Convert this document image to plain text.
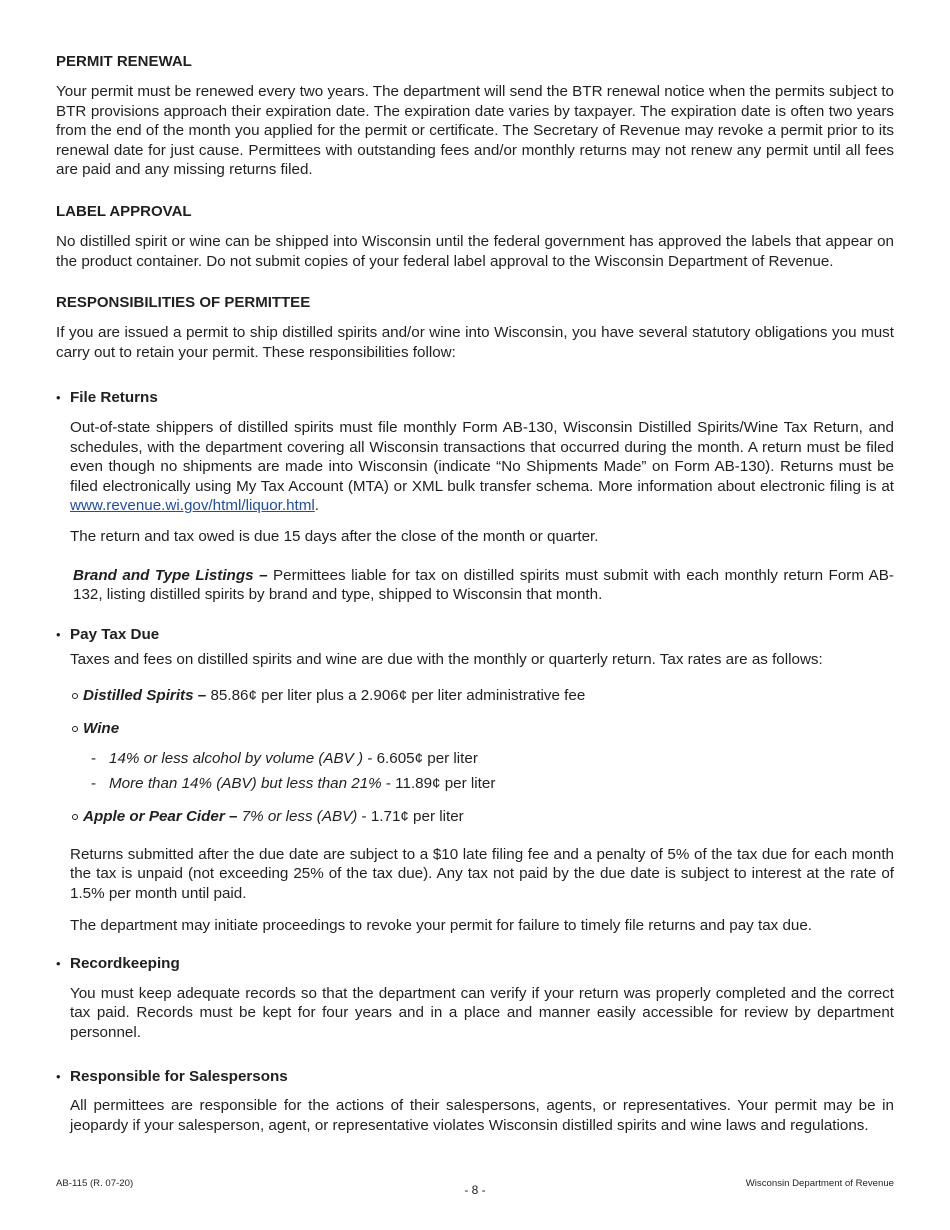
PERMIT RENEWAL

Your permit must be renewed every two years. The department will send the BTR renewal notice when the permits subject to BTR provisions approach their expiration date. The expiration date varies by taxpayer. The expiration date is often two years from the end of the month you applied for the permit or certificate. The Secretary of Revenue may revoke a permit prior to its renewal date for just cause. Permittees with outstanding fees and/or monthly returns may not renew any permit until all fees are paid and any missing returns filed.

LABEL APPROVAL

No distilled spirit or wine can be shipped into Wisconsin until the federal government has approved the labels that appear on the product container. Do not submit copies of your federal label approval to the Wisconsin Department of Revenue.

RESPONSIBILITIES OF PERMITTEE

If you are issued a permit to ship distilled spirits and/or wine into Wisconsin, you have several statutory obligations you must carry out to retain your permit. These responsibilities follow:

• File Returns

Out-of-state shippers of distilled spirits must file monthly Form AB-130, Wisconsin Distilled Spirits/Wine Tax Return, and schedules, with the department covering all Wisconsin transactions that occurred during the month. A return must be filed even though no shipments are made into Wisconsin (indicate “No Shipments Made” on Form AB-130). Returns must be filed electronically using My Tax Account (MTA) or XML bulk transfer schema. More information about electronic filing is at www.revenue.wi.gov/html/liquor.html.

The return and tax owed is due 15 days after the close of the month or quarter.

Brand and Type Listings – Permittees liable for tax on distilled spirits must submit with each monthly return Form AB-132, listing distilled spirits by brand and type, shipped to Wisconsin that month.

• Pay Tax Due

Taxes and fees on distilled spirits and wine are due with the monthly or quarterly return. Tax rates are as follows:

Distilled Spirits – 85.86¢ per liter plus a 2.906¢ per liter administrative fee
Wine
- 14% or less alcohol by volume (ABV ) - 6.605¢ per liter
- More than 14% (ABV) but less than 21% - 11.89¢ per liter
Apple or Pear Cider – 7% or less (ABV) - 1.71¢ per liter

Returns submitted after the due date are subject to a $10 late filing fee and a penalty of 5% of the tax due for each month the tax is unpaid (not exceeding 25% of the tax due). Any tax not paid by the due date is subject to interest at the rate of 1.5% per month until paid.

The department may initiate proceedings to revoke your permit for failure to timely file returns and pay tax due.

• Recordkeeping

You must keep adequate records so that the department can verify if your return was properly completed and the correct tax paid. Records must be kept for four years and in a place and manner easily accessible for review by department personnel.

• Responsible for Salespersons

All permittees are responsible for the actions of their salespersons, agents, or representatives. Your permit may be in jeopardy if your salesperson, agent, or representative violates Wisconsin distilled spirits and wine laws and regulations.

AB-115 (R. 07-20)	- 8 -	Wisconsin Department of Revenue
